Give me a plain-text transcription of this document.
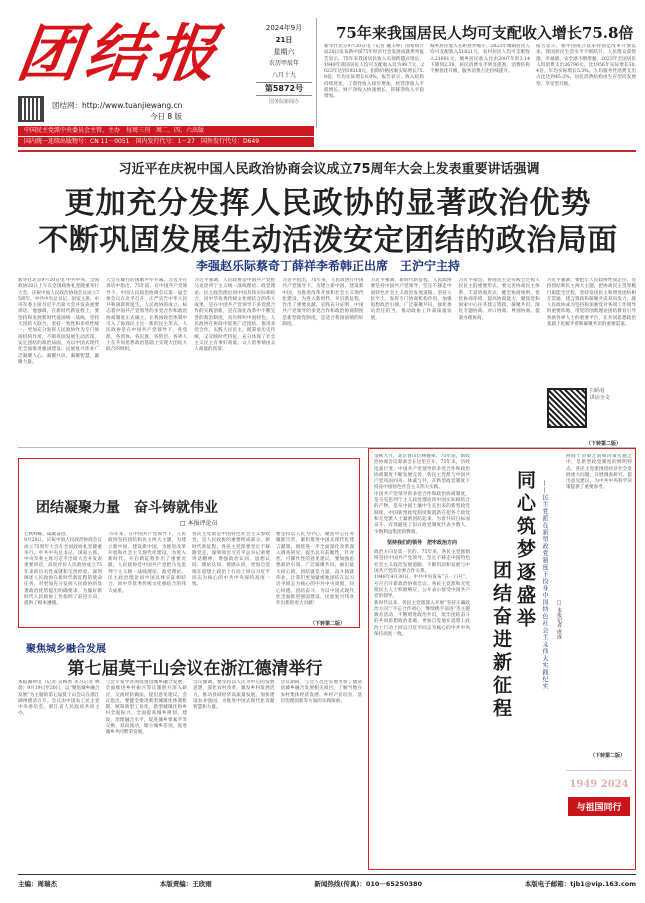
团结报
团结网：http://www.tuanjiewang.cn
今日 8 版
2024年9月
21日
星期六
农历甲辰年
八月十九
第5872号
国务院新闻办
中国民主党派中央委员会主管、主办　每周三刊　周二、四、六出版
国内统一连续出版物号：CN 11－0051　国内发行代号：1－27　国外发行代号：D649
75年来我国居民人均可支配收入增长75.8倍
新华社北京9月20日电（记者 魏玉坤）国家统计局20日发布新中国75年经济社会发展成就系列报告显示，75年来我国居民收入实现跨越式增长，1949年我国居民人均可支配收入仅为49.7元，2023年达到39218元，扣除价格因素实际增长75.8倍，年均实际增长6.0%。报告显示，收入结构持续优化，工资性收入稳步增加，经营净收入平稳增长，财产净收入快速增长，转移净收入平稳增加。
城乡居民收入差距逐步缩小。2023年城镇居民人均可支配收入51821元，农村居民人均可支配收入21691元，城乡居民收入比由2007年的3.14下降到2.39。居民消费水平明显提高，消费结构不断优化升级，服务消费占比持续提升。
报告显示，新中国成立以来特别是改革开放以来，我国居民生活水平不断跃升，人民群众获得感、幸福感、安全感不断增强。2023年全国居民人均消费支出26796元，比1956年实际增长30.4倍，年均实际增长5.3%。人均服务性消费支出占比达到45.2%，居民消费结构由生存型向发展型、享受型升级。
习近平在庆祝中国人民政治协商会议成立75周年大会上发表重要讲话强调
更加充分发挥人民政协的显著政治优势
不断巩固发展生动活泼安定团结的政治局面
李强赵乐际蔡奇丁薛祥李希韩正出席　王沪宁主持
新华社北京9月20日电 中共中央、全国政协20日上午在全国政协礼堂隆重举行大会，庆祝中国人民政治协商会议成立75周年。中共中央总书记、国家主席、中央军委主席习近平出席大会并发表重要讲话。他强调，在新时代新征程上，要坚持和发展新时代爱国统一战线，坚持大团结大联合，坚持一致性和多样性统一，更加充分发挥人民政协作为专门协商机构作用，不断巩固发展生动活泼、安定团结的政治局面，为以中国式现代化全面推进强国建设、民族复兴伟业广泛凝聚人心、凝聚共识、凝聚智慧、凝聚力量。
大会在雄壮的国歌声中开幕。习近平在讲话中指出，75年前，在中国共产党领导下，中国人民政治协商会议第一届全体会议在北平召开，庄严宣告中华人民共和国即将诞生。人民政协的成立，标志着中国共产党领导的多党合作和政治协商制度正式确立，在我国政治体制中引入了协商民主这一新的民主形式。人民政协是在中国共产党领导下，各党派、各团体、各民族、各阶层、各界人士在共同思想政治基础上实现大团结大联合的组织。
习近平强调，人民政协是中国共产党把马克思列宁主义统一战线理论、政党理论、民主政治理论同中国具体实际相结合、同中华优秀传统文化相结合的伟大成果，是在中国共产党领导下多党派合作的实践创新，是在深化改革中不断完善的政治制度，具有鲜明中国特色。人民政协在协商中促进广泛团结、推进多党合作、实践人民民主，既秉承历史传统，又反映时代特征，充分体现了社会主义民主有事好商量、众人的事情由众人商量的真谛。
习近平指出，75年来，人民政协在中国共产党领导下，为建立新中国、建设新中国，为推进改革开放和社会主义现代化建设，为进入新时代、开启新征程，作出了重要贡献。实践充分证明，中国共产党领导的多党合作和政治协商制度是新型政党制度，是适合我国国情的好制度。
习近平强调，新时代新征程，人民政协要坚持中国共产党领导，坚定不移走中国特色社会主义政治发展道路，坚持人民至上，发挥专门协商机构作用，加强思想政治引领，广泛凝聚共识，强化委员责任担当，推动政协工作高质量发展。
习近平指出，协商民主是实践全过程人民民主的重要形式。要完善协商民主体系，丰富协商形式，健全协商规则，优化协商环境，提高协商能力，聚焦党和国家中心任务建言资政、凝聚共识，深化专题协商、对口协商、界别协商、提案办理协商。
习近平强调，要把牢人民政协性质定位，坚持团结和民主两大主题，把协商民主贯穿履行职能全过程，坚持发扬民主和增进团结相互贯通、建言资政和凝聚共识双向发力，使人民政协成为坚持和加强党对各项工作领导的重要阵地、用党的创新理论团结教育引导各族各界人士的重要平台、在共同思想政治基础上化解矛盾和凝聚共识的重要渠道。
扫码看
讲话全文
（下转第二版）
团结凝聚力量　奋斗铸就伟业
□ 本报评论员
七秩峥嵘，砥砺奋进。
9月20日，庆祝中国人民政治协商会议成立75周年大会在全国政协礼堂隆重举行。中共中央总书记、国家主席、中央军委主席习近平出席大会并发表重要讲话，高度评价人民政协成立75年来的历史性成就和宝贵经验，深刻阐述人民政协在新时代新征程的使命任务，对更加充分发挥人民政协的显著政治优势提出明确要求，为做好新时代人民政协工作指明了前进方向、提供了根本遵循。
75年来，在中国共产党领导下，人民政协坚持团结和民主两大主题，为建立新中国、建设新中国，为推进改革开放和社会主义现代化建设，为进入新时代、开启新征程作出了重要贡献。人民政协是中国共产党把马克思列宁主义统一战线理论、政党理论、民主政治理论同中国具体实际相结合、同中华优秀传统文化相结合的伟大成果。
各民主党派是中国特色社会主义参政党，是人民政协的重要组成部分。新时代新征程，各民主党派要坚定不移跟党走，深刻领会习近平总书记重要讲话精神，增强政治认同、思想认同、理论认同、情感认同，更加自觉地在思想上政治上行动上同以习近平同志为核心的中共中央保持高度一致。
要坚持以人民为中心，聚焦中心任务履职尽责，紧扣推进中国式现代化建言献策，围绕进一步全面深化改革深入调查研究，提出具有前瞻性、针对性、可操作性的意见建议。要加强思想政治引领，广泛凝聚共识，画出最大同心圆。团结就是力量，奋斗铸就伟业。让我们更加紧密地团结在以习近平同志为核心的中共中央周围，同心同德、团结奋斗，为以中国式现代化全面推进强国建设、民族复兴伟业作出新的更大贡献！
（下转第二版）
金秋九月，北京香山层林叠翠。75年前，新政治协商会议筹备会在这里召开。75年来，历经沧桑巨变，中国共产党领导的多党合作和政治协商制度不断发展完善，各民主党派与中国共产党风雨同舟、休戚与共，在新型政党制度下投身中国特色社会主义伟大实践。
中国共产党领导的多党合作和政治协商制度，是马克思列宁主义政党理论同中国实际相结合的产物，是从中国土壤中生长出来的新型政党制度。中国新型政党制度新就新在把各个政党和无党派人士紧密团结起来、为着共同目标而奋斗，有效避免了旧式政党制度代表少数人、少数利益集团的弊端。

坚持我们的领导　把牢政治方向
政治方向是第一位的。75年来，各民主党派始终坚持中国共产党领导，坚定不移走中国特色社会主义政治发展道路，不断巩固和发展与中国共产党的亲密合作关系。
1948年4月30日，中共中央发布“五一口号”，号召召开新政治协商会议。各民主党派和无党派民主人士积极响应，公开表示接受中国共产党的领导。
新时代以来，各民主党派深入开展“坚持正确政治方向”“不忘合作初心、继续携手前进”等主题教育活动，不断增进政治共识，筑牢团结奋斗的共同思想政治基础，更加自觉地在思想上政治上行动上同以习近平同志为核心的中共中央保持高度一致。
同心筑梦逐盛举
团结奋进新征程	——民主党派在新型政党制度下投身中国特色社会主义伟大实践纪实 □ 本报记者 唐成
协商于决策之前和决策实施之中，是新型政党制度的鲜明特点。各民主党派围绕经济社会发展重大问题，开展调查研究，提出意见建议，为中共中央科学决策提供了重要参考。
（下转第二版）
1949 2024
与祖国同行
聚焦城乡融合发展
第七届莫干山会议在浙江德清举行
本报湖州电（记者 吴梅香 见习记者 林晨）9月19日至20日，以“聚焦城乡融合发展”为主题的第七届莫干山会议在浙江湖州德清召开。会议由中国农工民主党中央委员会、浙江省人民政府共同主办。
与会专家学者围绕推进城乡融合发展、全面推进乡村振兴等议题展开深入研讨，交流经验做法，提出意见建议。会议指出，要健全推进新型城镇化体制机制，统筹新型工业化、新型城镇化和乡村全面振兴，全面提高城乡规划、建设、治理融合水平，促进城乡要素平等交换、双向流动，缩小城乡差别，促进城乡共同繁荣发展。
会议强调，要坚持以人民为中心的发展思想，深化农村改革，激发乡村发展活力，推动县域经济高质量发展，加快建设农业强国，为推进中国式现代化贡献智慧和力量。
会议期间，与会人员还实地考察了德清县城乡融合发展相关项目，了解当地在农村集体经济发展、乡村产业培育、基层治理创新等方面的实践探索。
主编：周瑞杰	本版责编：王欣雨	新闻热线(传真)：010－65250380	本版电子邮箱：tjb1@vip.163.com
